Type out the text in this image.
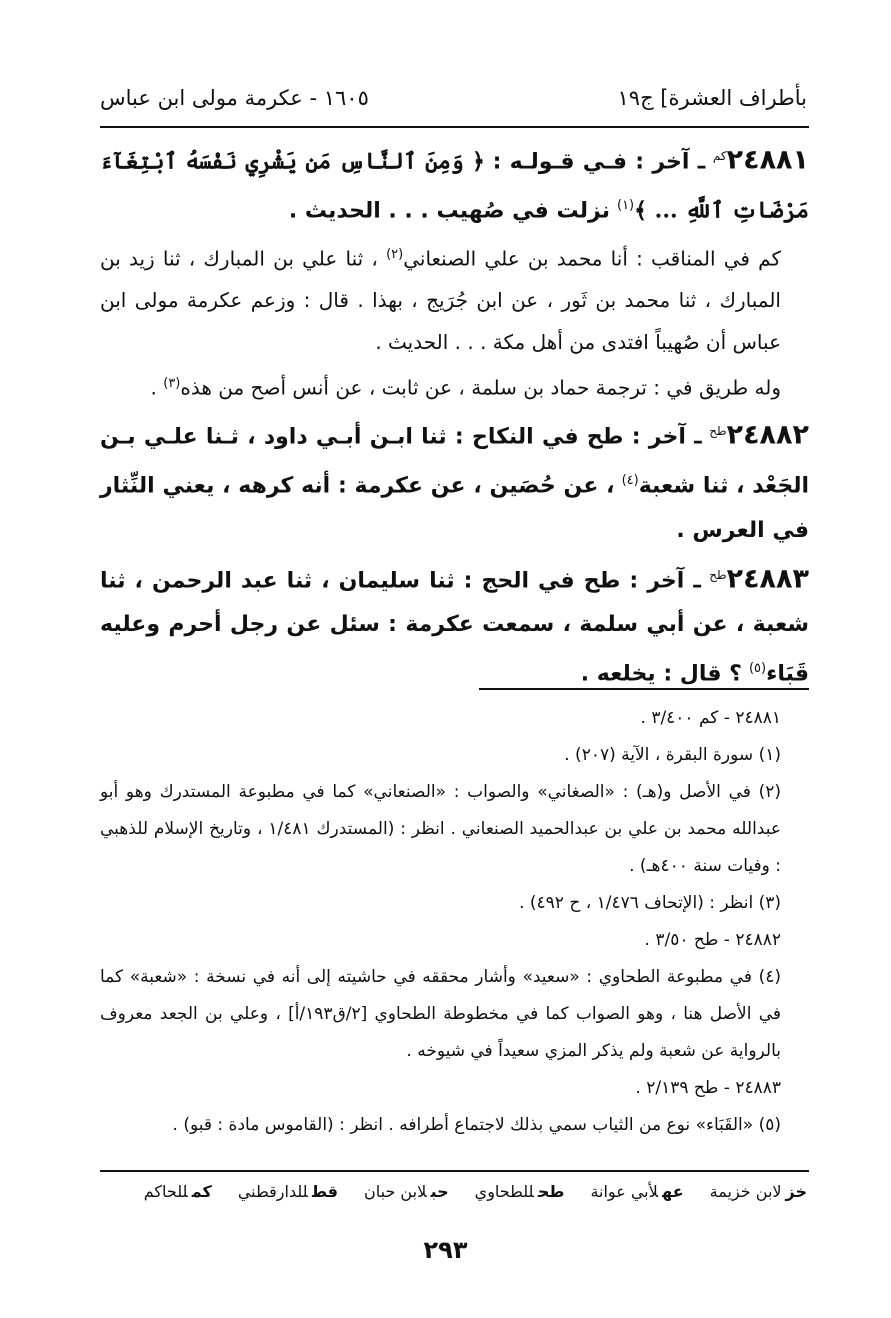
بأطراف العشرة] ج١٩
١٦٠٥ - عكرمة مولى ابن عباس

$٢٤٨٨١^{كم}$ ـ آخر : فـي قـولـه : ﴿ وَمِنَ ٱلنَّاسِ مَن يَشْرِي نَفْسَهُ ٱبْتِغَآءَ مَرْضَاتِ ٱللَّهِ ... ﴾$^{(١)}$ نزلت في صُهيب . . . الحديث .

كم في المناقب : أنا محمد بن علي الصنعاني$^{(٢)}$ ، ثنا علي بن المبارك ، ثنا زيد بن المبارك ، ثنا محمد بن ثَور ، عن ابن جُرَيج ، بهذا . قال : وزعم عكرمة مولى ابن عباس أن صُهيباً افتدى من أهل مكة . . . الحديث .

وله طريق في : ترجمة حماد بن سلمة ، عن ثابت ، عن أنس أصح من هذه$^{(٣)}$ .

$٢٤٨٨٢^{طح}$ ـ آخر : طح في النكاح : ثنا ابـن أبـي داود ، ثـنا علـي بـن الجَعْد ، ثنا شعبة$^{(٤)}$ ، عن حُصَين ، عن عكرمة : أنه كرهه ، يعني النِّثار في العرس .

$٢٤٨٨٣^{طح}$ ـ آخر : طح في الحج : ثنا سليمان ، ثنا عبد الرحمن ، ثنا شعبة ، عن أبي سلمة ، سمعت عكرمة : سئل عن رجل أحرم وعليه قَبَاء$^{(٥)}$ ؟ قال : يخلعه .

٢٤٨٨١ - كم ٣/٤٠٠ .

(١) سورة البقرة ، الآية (٢٠٧) .

(٢) في الأصل و(هـ) : «الصغاني» والصواب : «الصنعاني» كما في مطبوعة المستدرك وهو أبو عبدالله محمد بن علي بن عبدالحميد الصنعاني . انظر : (المستدرك ١/٤٨١ ، وتاريخ الإسلام للذهبي : وفيات سنة ٤٠٠هـ) .

(٣) انظر : (الإتحاف ١/٤٧٦ ، ح ٤٩٢) .

٢٤٨٨٢ - طح ٣/٥٠ .

(٤) في مطبوعة الطحاوي : «سعيد» وأشار محققه في حاشيته إلى أنه في نسخة : «شعبة» كما في الأصل هنا ، وهو الصواب كما في مخطوطة الطحاوي [٢/ق١٩٣/أ] ، وعلي بن الجعد معروف بالرواية عن شعبة ولم يذكر المزي سعيداً في شيوخه .

٢٤٨٨٣ - طح ٢/١٣٩ .

(٥) «القَبَاء» نوع من الثياب سمي بذلك لاجتماع أطرافه . انظر : (القاموس مادة : قبو) .

خزلابن خزيمة
عهلأبي عوانة
طحللطحاوي
حبلابن حبان
قطللدارقطني
كمللحاكم
٢٩٣
